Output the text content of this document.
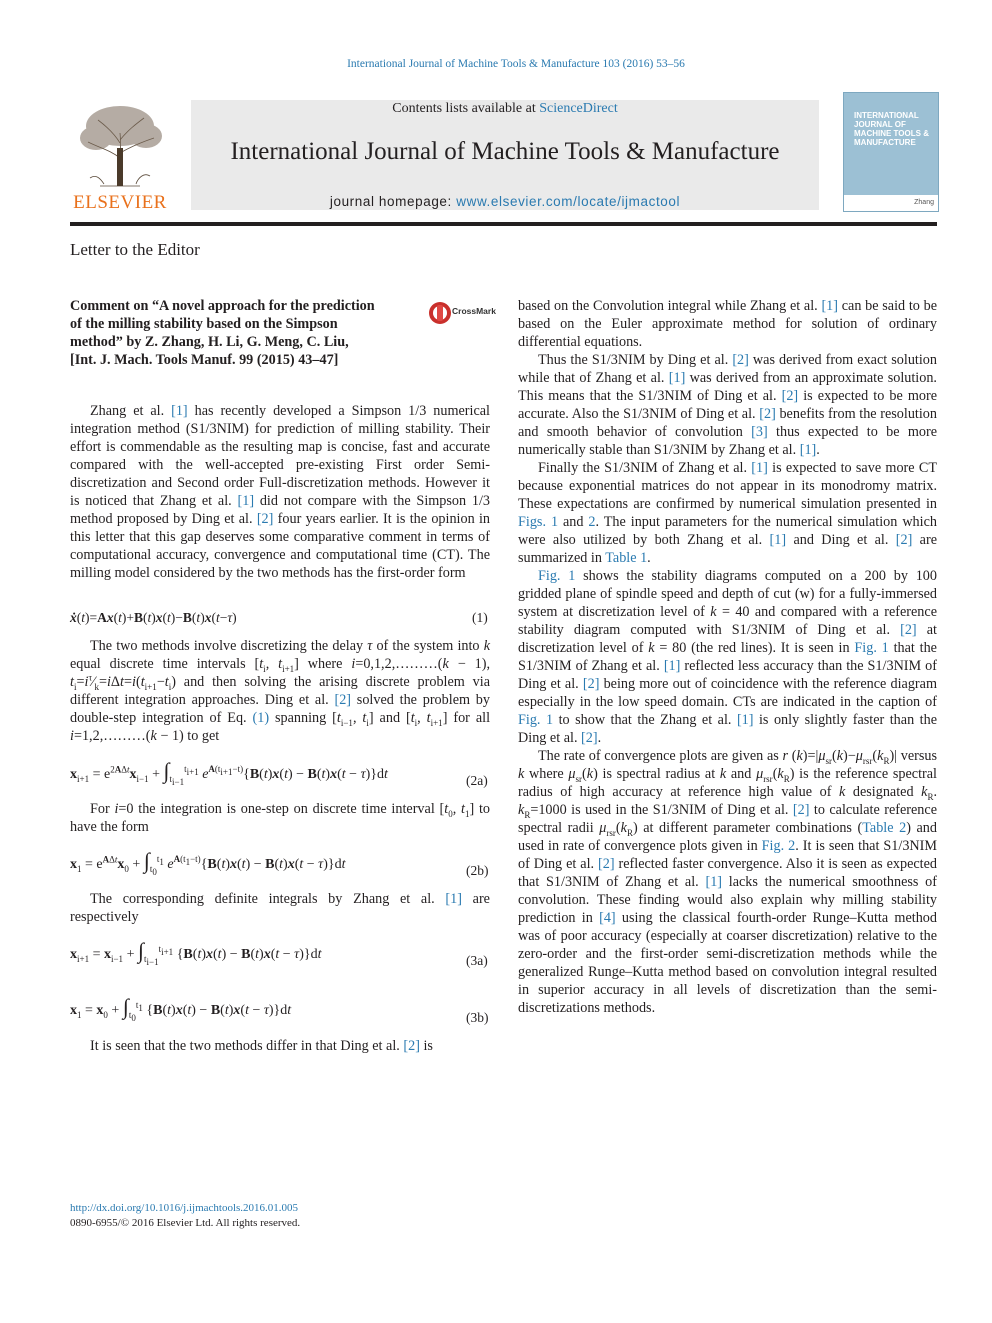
International Journal of Machine Tools & Manufacture 103 (2016) 53–56
ELSEVIER
Contents lists available at ScienceDirect
International Journal of Machine Tools & Manufacture
journal homepage: www.elsevier.com/locate/ijmactool
INTERNATIONAL JOURNAL OF MACHINE TOOLS & MANUFACTURE
Zhang
Letter to the Editor
Comment on “A novel approach for the prediction of the milling stability based on the Simpson method” by Z. Zhang, H. Li, G. Meng, C. Liu, [Int. J. Mach. Tools Manuf. 99 (2015) 43–47]
CrossMark

Zhang et al. [1] has recently developed a Simpson 1/3 numerical integration method (S1/3NIM) for prediction of milling stability. Their effort is commendable as the resulting map is concise, fast and accurate compared with the well-accepted pre-existing First order Semi-discretization and Second order Full-discretization methods. However it is noticed that Zhang et al. [1] did not compare with the Simpson 1/3 method proposed by Ding et al. [2] four years earlier. It is the opinion in this letter that this gap deserves some comparative comment in terms of computational accuracy, convergence and computational time (CT). The milling model considered by the two methods has the first-order form

ẋ(t)=Ax(t)+B(t)x(t)−B(t)x(t−τ)	(1)

The two methods involve discretizing the delay τ of the system into k equal discrete time intervals [$t_i$, $t_{i+1}$] where i=0,1,2,………(k − 1), $t_i=i^\tau⁄_k=i\Delta t=i(t_{i+1}-t_i)$ and then solving the arising discrete problem via different integration approaches. Ding et al. [2] solved the problem by double-step integration of Eq. (1) spanning [$t_{i-1}$, $t_i$] and [$t_i$, $t_{i+1}$] for all i=1,2,………(k − 1) to get

$x_{i+1} = e^{2A\Delta t}x_{i-1} + \int_{t_{i-1}}^{t_{i+1}}$ $e^{A(t_{i+1}-t)}\{B(t)x(t) - B(t)x(t - \tau)\}dt$	(2a)

For i=0 the integration is one-step on discrete time interval [$t_0$, $t_1$] to have the form

$x_1 = e^{A\Delta t}x_0 + \int_{t_0}^{t_1}$ $e^{A(t_1-t)}\{B(t)x(t) - B(t)x(t - \tau)\}dt$	(2b)

The corresponding definite integrals by Zhang et al. [1] are respectively

$x_{i+1} = x_{i-1} + \int_{t_{i-1}}^{t_{i+1}}$ {B(t)x(t) − B(t)x(t − τ)}dt	(3a)
$x_1 = x_0 + \int_{t_0}^{t_1}$ {B(t)x(t) − B(t)x(t − τ)}dt	(3b)

It is seen that the two methods differ in that Ding et al. [2] is

based on the Convolution integral while Zhang et al. [1] can be said to be based on the Euler approximate method for solution of ordinary differential equations.

Thus the S1/3NIM by Ding et al. [2] was derived from exact solution while that of Zhang et al. [1] was derived from an approximate solution. This means that the S1/3NIM of Ding et al. [2] is expected to be more accurate. Also the S1/3NIM of Ding et al. [2] benefits from the resolution and smooth behavior of convolution [3] thus expected to be more numerically stable than S1/3NIM by Zhang et al. [1].

Finally the S1/3NIM of Zhang et al. [1] is expected to save more CT because exponential matrices do not appear in its monodromy matrix. These expectations are confirmed by numerical simulation presented in Figs. 1 and 2. The input parameters for the numerical simulation which were also utilized by both Zhang et al. [1] and Ding et al. [2] are summarized in Table 1.

Fig. 1 shows the stability diagrams computed on a 200 by 100 gridded plane of spindle speed and depth of cut (w) for a fully-immersed system at discretization level of k = 40 and compared with a reference stability diagram computed with S1/3NIM of Ding et al. [2] at discretization level of k = 80 (the red lines). It is seen in Fig. 1 that the S1/3NIM of Zhang et al. [1] reflected less accuracy than the S1/3NIM of Ding et al. [2] being more out of coincidence with the reference diagram especially in the low speed domain. CTs are indicated in the caption of Fig. 1 to show that the Zhang et al. [1] is only slightly faster than the Ding et al. [2].

The rate of convergence plots are given as r $(k)=|\mu_{sr}(k)-\mu_{rsr}(k_R)|$ versus k where $\mu_{sr}(k)$ is spectral radius at k and $\mu_{rsr}(k_R)$ is the reference spectral radius of high accuracy at reference high value of k designated $k_R$. $k_R=1000$ is used in the S1/3NIM of Ding et al. [2] to calculate reference spectral radii $\mu_{rsr}(k_R)$ at different parameter combinations (Table 2) and used in rate of convergence plots given in Fig. 2. It is seen that S1/3NIM of Ding et al. [2] reflected faster convergence. Also it is seen as expected that S1/3NIM of Zhang et al. [1] lacks the numerical smoothness of convolution. These finding would also explain why milling stability prediction in [4] using the classical fourth-order Runge–Kutta method was of poor accuracy (especially at coarser discretization) relative to the zero-order and the first-order semi-discretization methods while the generalized Runge–Kutta method based on convolution integral resulted in superior accuracy in all levels of discretization than the semi-discretizations methods.

http://dx.doi.org/10.1016/j.ijmachtools.2016.01.005
0890-6955/© 2016 Elsevier Ltd. All rights reserved.
